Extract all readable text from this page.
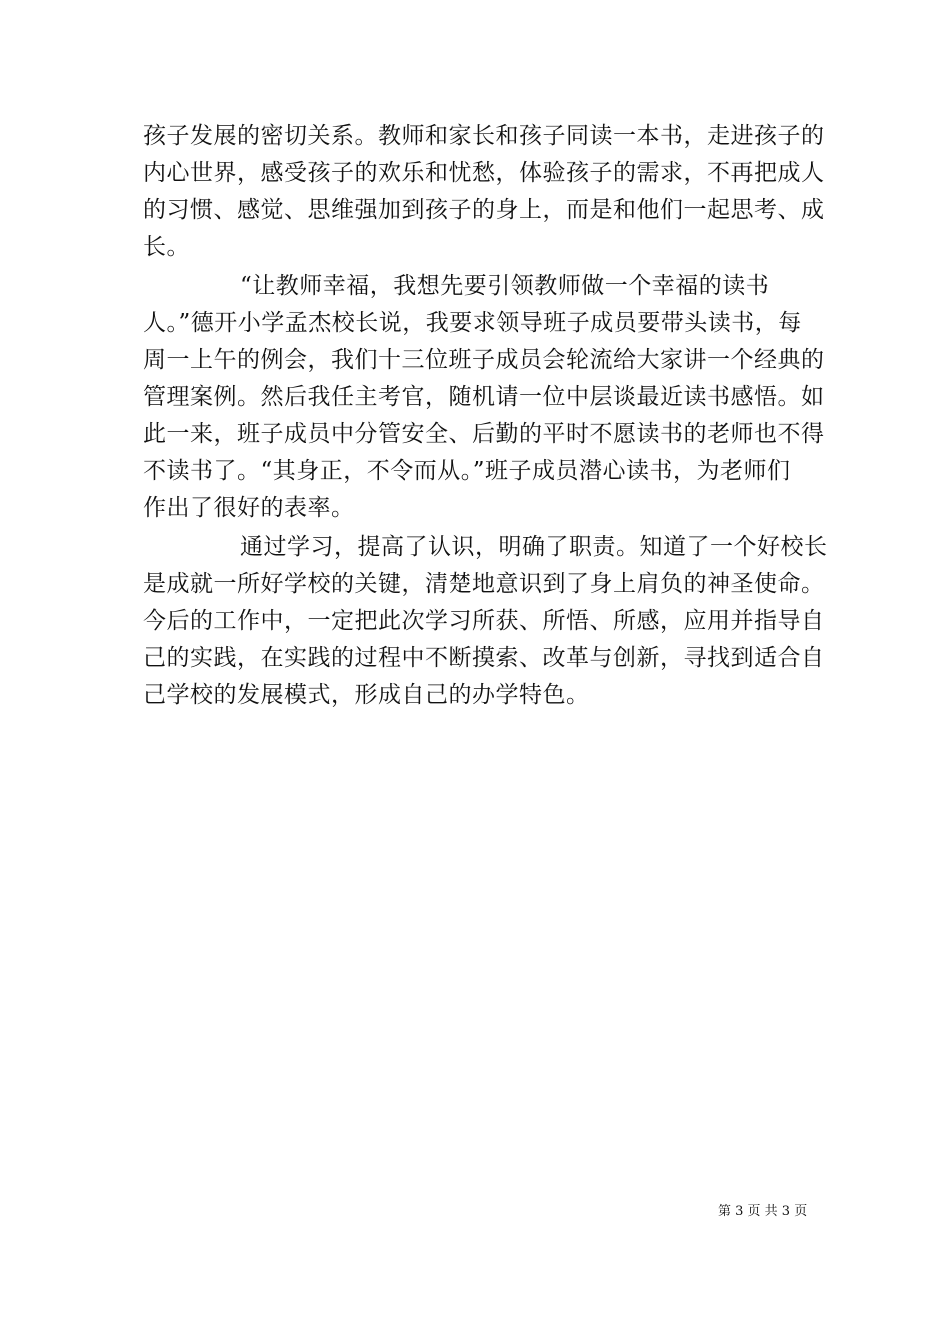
孩子发展的密切关系。教师和家长和孩子同读一本书，走进孩子的
内心世界，感受孩子的欢乐和忧愁，体验孩子的需求，不再把成人
的习惯、感觉、思维强加到孩子的身上，而是和他们一起思考、成
长。
“让教师幸福，我想先要引领教师做一个幸福的读书
人。”德开小学孟杰校长说，我要求领导班子成员要带头读书，每
周一上午的例会，我们十三位班子成员会轮流给大家讲一个经典的
管理案例。然后我任主考官，随机请一位中层谈最近读书感悟。如
此一来，班子成员中分管安全、后勤的平时不愿读书的老师也不得
不读书了。“其身正，不令而从。”班子成员潜心读书，为老师们
作出了很好的表率。
通过学习，提高了认识，明确了职责。知道了一个好校长
是成就一所好学校的关键，清楚地意识到了身上肩负的神圣使命。
今后的工作中，一定把此次学习所获、所悟、所感，应用并指导自
己的实践，在实践的过程中不断摸索、改革与创新，寻找到适合自
己学校的发展模式，形成自己的办学特色。
第 3 页 共 3 页
